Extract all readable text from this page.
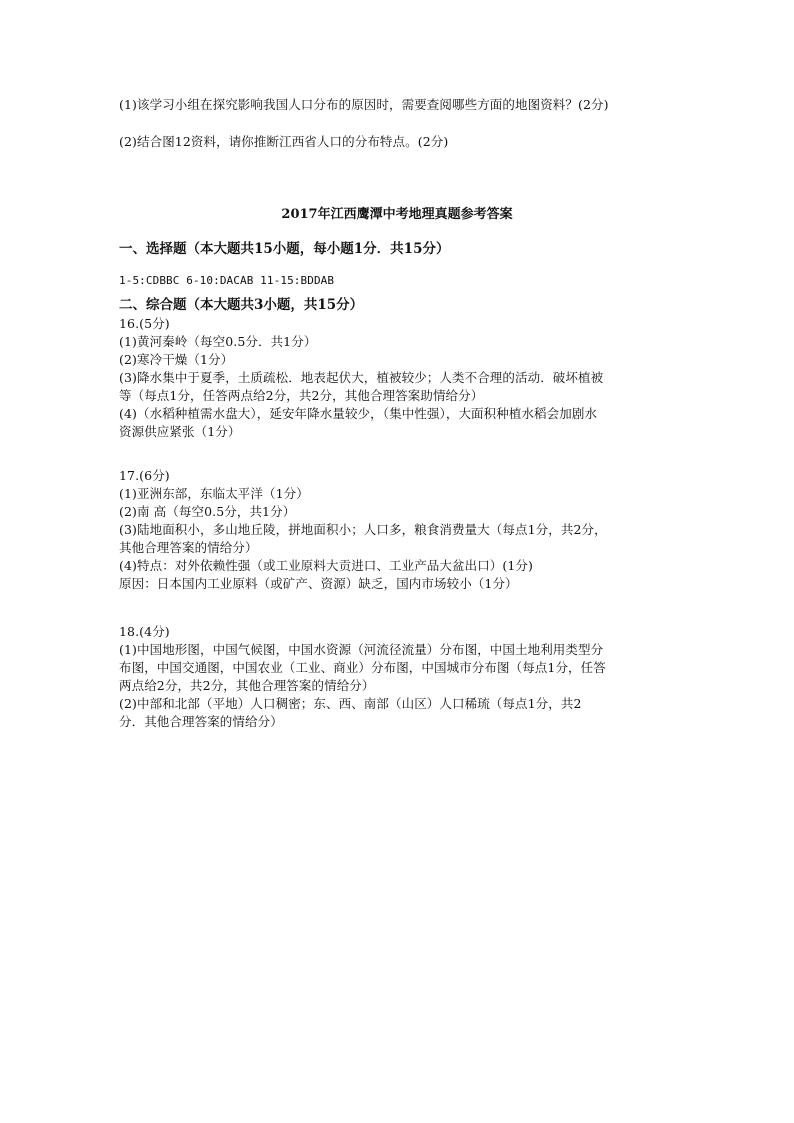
(1)该学习小组在探究影响我国人口分布的原因时，需要查阅哪些方面的地图资料？(2分)
(2)结合图12资料，请你推断江西省人口的分布特点。(2分)
2017年江西鹰潭中考地理真题参考答案
一、选择题（本大题共15小题，每小题1分．共15分）
1-5:CDBBC 6-10:DACAB 11-15:BDDAB
二、综合题（本大题共3小题，共15分）
16.(5分)
(1)黄河秦岭（每空0.5分．共1分）
(2)寒冷干燥（1分）
(3)降水集中于夏季，土质疏松．地表起伏大，植被较少；人类不合理的活动．破坏植被
等（每点1分，任答两点给2分，共2分，其他合理答案助情给分）
(4)（水稻种植需水盘大），延安年降水量较少，（集中性强），大面积种植水稻会加剧水
资源供应紧张（1分）
17.(6分)
(1)亚洲东部，东临太平洋（1分）
(2)南 高（每空0.5分，共1分）
(3)陆地面积小，多山地丘陵，拼地面积小；人口多，粮食消费量大（每点1分，共2分，
其他合理答案的情给分）
(4)特点：对外依赖性强（或工业原料大贡进口、工业产品大盆出口）(1分)
原因：日本国内工业原料（或矿产、资源）缺乏，国内市场较小（1分）
18.(4分)
(1)中国地形图，中国气候图，中国水资源（河流径流量）分布图，中国土地利用类型分
布图，中国交通图，中国农业（工业、商业）分布图，中国城市分布图（每点1分，任答
两点给2分，共2分，其他合理答案的情给分）
(2)中部和北部（平地）人口稠密；东、西、南部（山区）人口稀琉（每点1分，共2
分．其他合理答案的情给分）
